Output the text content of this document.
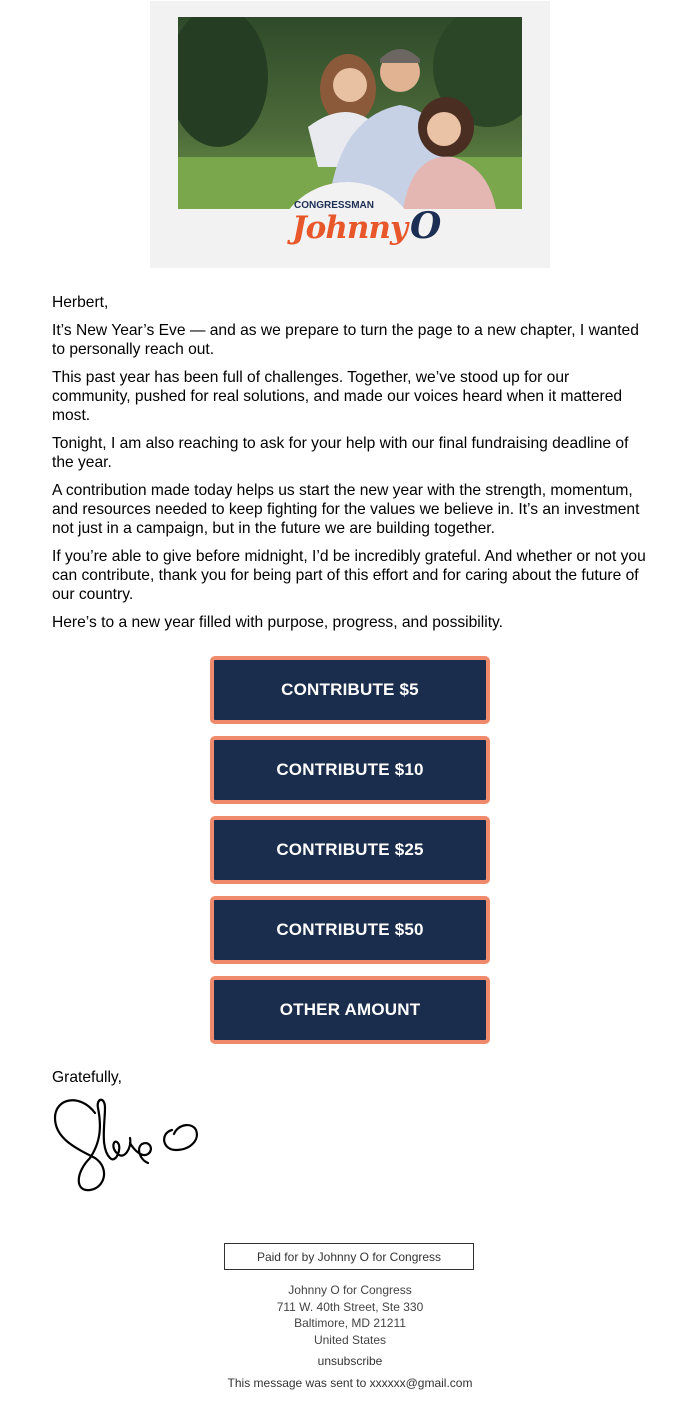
CONGRESSMAN
JohnnyO

Herbert,

It’s New Year’s Eve — and as we prepare to turn the page to a new chapter, I wanted to personally reach out.

This past year has been full of challenges. Together, we’ve stood up for our community, pushed for real solutions, and made our voices heard when it mattered most.

Tonight, I am also reaching to ask for your help with our final fundraising deadline of the year.

A contribution made today helps us start the new year with the strength, momentum, and resources needed to keep fighting for the values we believe in. It’s an investment not just in a campaign, but in the future we are building together.

If you’re able to give before midnight, I’d be incredibly grateful. And whether or not you can contribute, thank you for being part of this effort and for caring about the future of our country.

Here’s to a new year filled with purpose, progress, and possibility.

CONTRIBUTE $5
CONTRIBUTE $10
CONTRIBUTE $25
CONTRIBUTE $50
OTHER AMOUNT
Gratefully,
Paid for by Johnny O for Congress
Johnny O for Congress
711 W. 40th Street, Ste 330
Baltimore, MD 21211
United States
unsubscribe
This message was sent to xxxxxx@gmail.com
